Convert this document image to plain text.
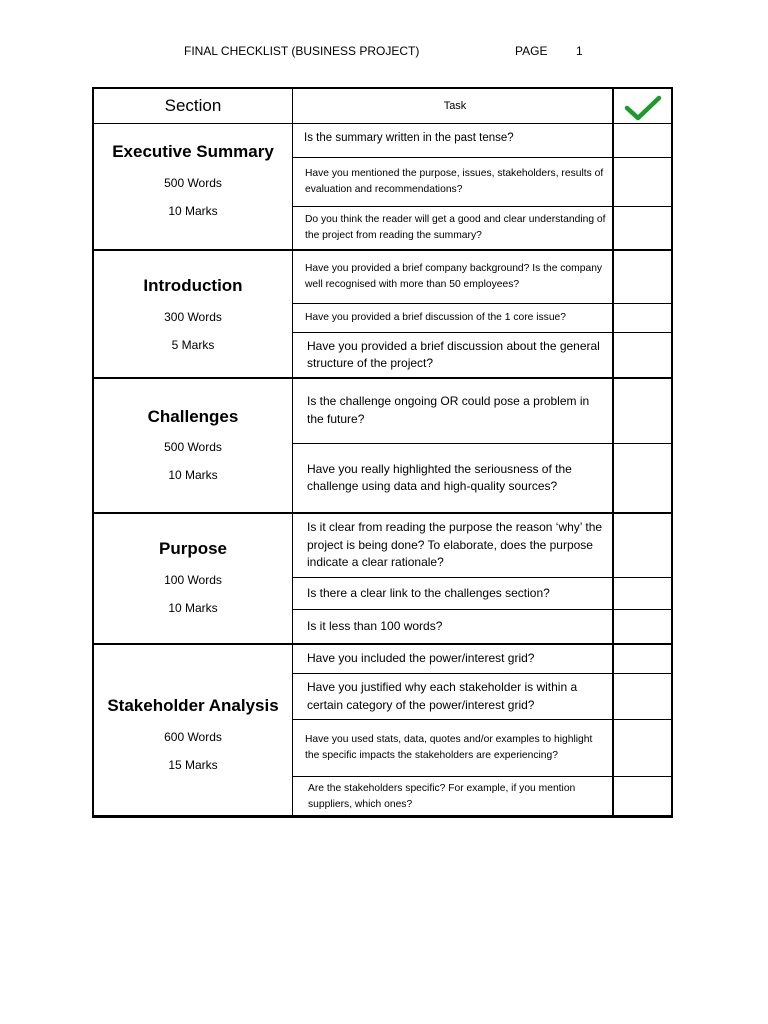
FINAL CHECKLIST (BUSINESS PROJECT)	PAGE 1
Section	Task
Executive Summary
500 Words
10 Marks
Is the summary written in the past tense?
Have you mentioned the purpose, issues, stakeholders, results of evaluation and recommendations?
Do you think the reader will get a good and clear understanding of the project from reading the summary?
Introduction
300 Words
5 Marks
Have you provided a brief company background? Is the company well recognised with more than 50 employees?
Have you provided a brief discussion of the 1 core issue?
Have you provided a brief discussion about the general structure of the project?
Challenges
500 Words
10 Marks
Is the challenge ongoing OR could pose a problem in the future?
Have you really highlighted the seriousness of the challenge using data and high-quality sources?
Purpose
100 Words
10 Marks
Is it clear from reading the purpose the reason ‘why’ the project is being done? To elaborate, does the purpose indicate a clear rationale?
Is there a clear link to the challenges section?
Is it less than 100 words?
Stakeholder Analysis
600 Words
15 Marks
Have you included the power/interest grid?
Have you justified why each stakeholder is within a certain category of the power/interest grid?
Have you used stats, data, quotes and/or examples to highlight the specific impacts the stakeholders are experiencing?
Are the stakeholders specific? For example, if you mention suppliers, which ones?
